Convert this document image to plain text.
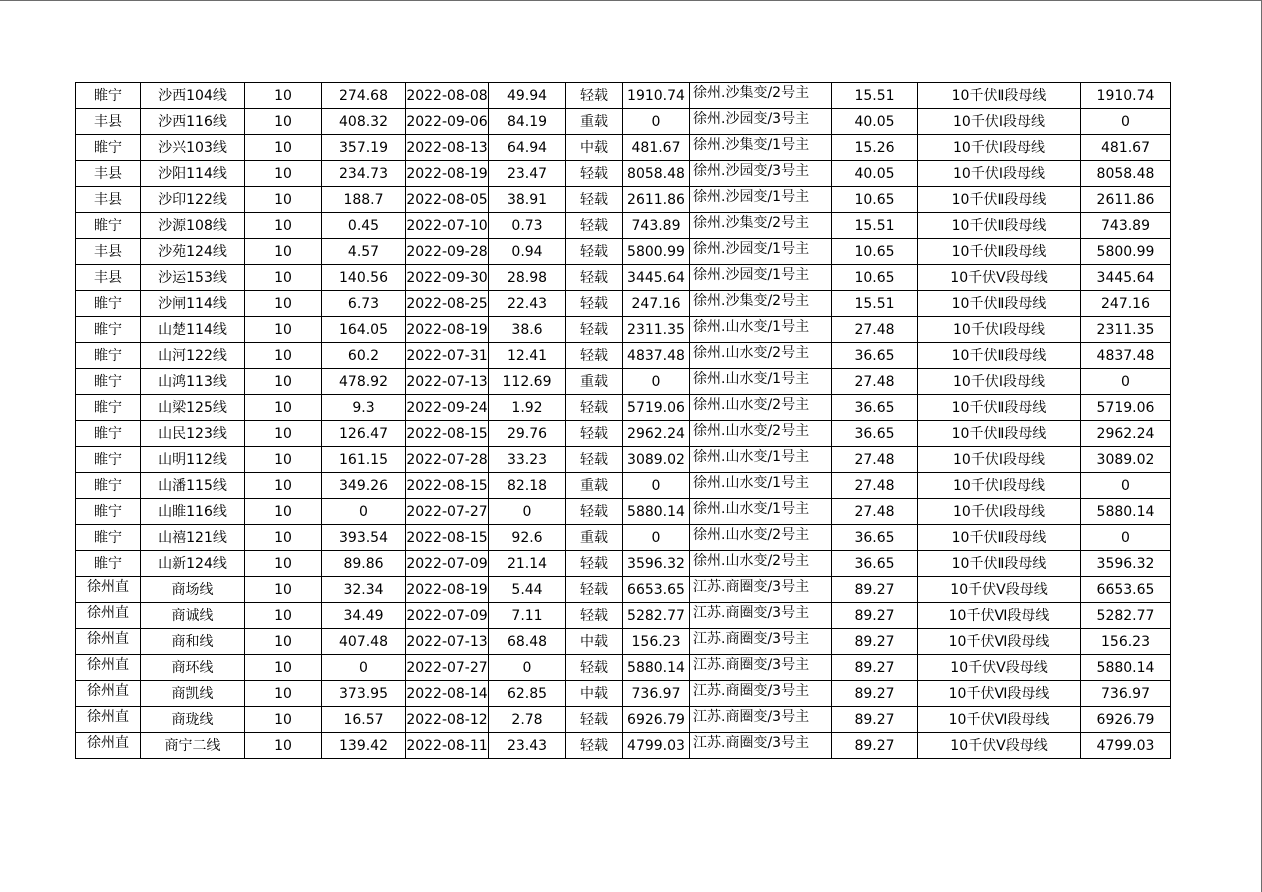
睢宁	沙西104线	10	274.68	2022-08-08	49.94	轻载	1910.74	徐州.沙集变/2号主	15.51	10千伏Ⅱ段母线	1910.74
丰县	沙西116线	10	408.32	2022-09-06	84.19	重载	0	徐州.沙园变/3号主	40.05	10千伏Ⅰ段母线	0
睢宁	沙兴103线	10	357.19	2022-08-13	64.94	中载	481.67	徐州.沙集变/1号主	15.26	10千伏Ⅰ段母线	481.67
丰县	沙阳114线	10	234.73	2022-08-19	23.47	轻载	8058.48	徐州.沙园变/3号主	40.05	10千伏Ⅰ段母线	8058.48
丰县	沙印122线	10	188.7	2022-08-05	38.91	轻载	2611.86	徐州.沙园变/1号主	10.65	10千伏Ⅱ段母线	2611.86
睢宁	沙源108线	10	0.45	2022-07-10	0.73	轻载	743.89	徐州.沙集变/2号主	15.51	10千伏Ⅱ段母线	743.89
丰县	沙苑124线	10	4.57	2022-09-28	0.94	轻载	5800.99	徐州.沙园变/1号主	10.65	10千伏Ⅱ段母线	5800.99
丰县	沙运153线	10	140.56	2022-09-30	28.98	轻载	3445.64	徐州.沙园变/1号主	10.65	10千伏Ⅴ段母线	3445.64
睢宁	沙闸114线	10	6.73	2022-08-25	22.43	轻载	247.16	徐州.沙集变/2号主	15.51	10千伏Ⅱ段母线	247.16
睢宁	山楚114线	10	164.05	2022-08-19	38.6	轻载	2311.35	徐州.山水变/1号主	27.48	10千伏Ⅰ段母线	2311.35
睢宁	山河122线	10	60.2	2022-07-31	12.41	轻载	4837.48	徐州.山水变/2号主	36.65	10千伏Ⅱ段母线	4837.48
睢宁	山鸿113线	10	478.92	2022-07-13	112.69	重载	0	徐州.山水变/1号主	27.48	10千伏Ⅰ段母线	0
睢宁	山梁125线	10	9.3	2022-09-24	1.92	轻载	5719.06	徐州.山水变/2号主	36.65	10千伏Ⅱ段母线	5719.06
睢宁	山民123线	10	126.47	2022-08-15	29.76	轻载	2962.24	徐州.山水变/2号主	36.65	10千伏Ⅱ段母线	2962.24
睢宁	山明112线	10	161.15	2022-07-28	33.23	轻载	3089.02	徐州.山水变/1号主	27.48	10千伏Ⅰ段母线	3089.02
睢宁	山潘115线	10	349.26	2022-08-15	82.18	重载	0	徐州.山水变/1号主	27.48	10千伏Ⅰ段母线	0
睢宁	山睢116线	10	0	2022-07-27	0	轻载	5880.14	徐州.山水变/1号主	27.48	10千伏Ⅰ段母线	5880.14
睢宁	山禧121线	10	393.54	2022-08-15	92.6	重载	0	徐州.山水变/2号主	36.65	10千伏Ⅱ段母线	0
睢宁	山新124线	10	89.86	2022-07-09	21.14	轻载	3596.32	徐州.山水变/2号主	36.65	10千伏Ⅱ段母线	3596.32
徐州直	商场线	10	32.34	2022-08-19	5.44	轻载	6653.65	江苏.商圈变/3号主	89.27	10千伏Ⅴ段母线	6653.65
徐州直	商诚线	10	34.49	2022-07-09	7.11	轻载	5282.77	江苏.商圈变/3号主	89.27	10千伏Ⅵ段母线	5282.77
徐州直	商和线	10	407.48	2022-07-13	68.48	中载	156.23	江苏.商圈变/3号主	89.27	10千伏Ⅵ段母线	156.23
徐州直	商环线	10	0	2022-07-27	0	轻载	5880.14	江苏.商圈变/3号主	89.27	10千伏Ⅴ段母线	5880.14
徐州直	商凯线	10	373.95	2022-08-14	62.85	中载	736.97	江苏.商圈变/3号主	89.27	10千伏Ⅵ段母线	736.97
徐州直	商珑线	10	16.57	2022-08-12	2.78	轻载	6926.79	江苏.商圈变/3号主	89.27	10千伏Ⅵ段母线	6926.79
徐州直	商宁二线	10	139.42	2022-08-11	23.43	轻载	4799.03	江苏.商圈变/3号主	89.27	10千伏Ⅴ段母线	4799.03
